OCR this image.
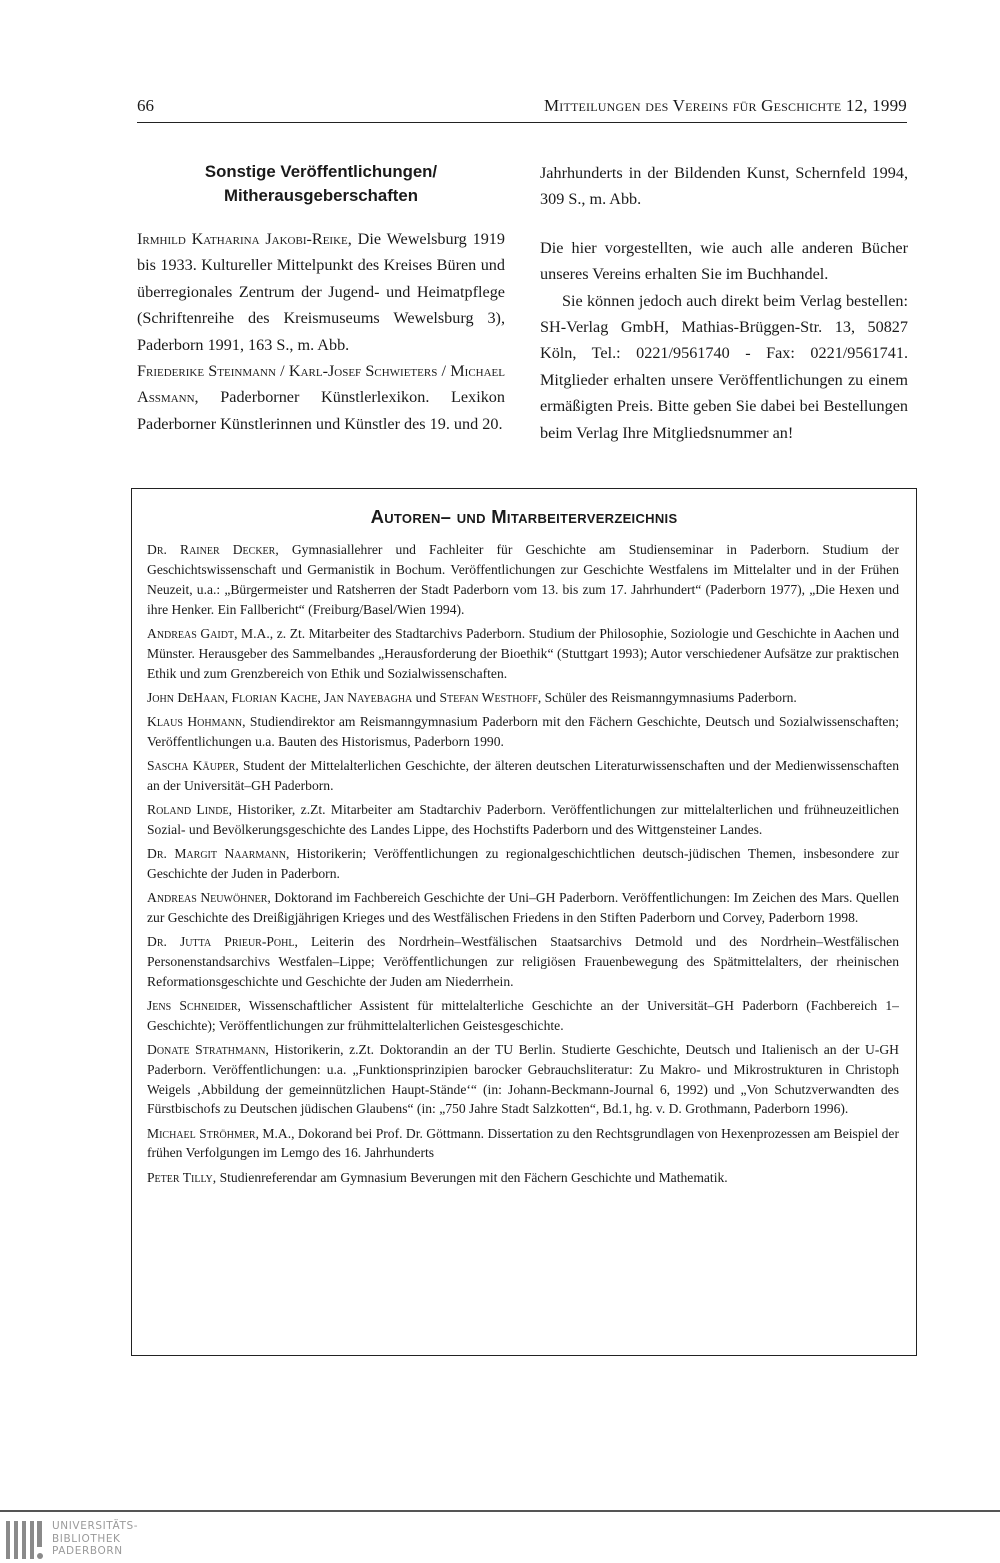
66	Mitteilungen des Vereins für Geschichte 12, 1999
Sonstige Veröffentlichungen/
Mitherausgeberschaften

Irmhild Katharina Jakobi-Reike, Die Wewelsburg 1919 bis 1933. Kultureller Mittelpunkt des Kreises Büren und überregionales Zentrum der Jugend- und Heimatpflege (Schriftenreihe des Kreismuseums Wewelsburg 3), Paderborn 1991, 163 S., m. Abb.

Friederike Steinmann / Karl-Josef Schwieters / Michael Assmann, Paderborner Künstlerlexikon. Lexikon Paderborner Künstlerinnen und Künstler des 19. und 20.

Jahrhunderts in der Bildenden Kunst, Schernfeld 1994, 309 S., m. Abb.

Die hier vorgestellten, wie auch alle anderen Bücher unseres Vereins erhalten Sie im Buchhandel.

Sie können jedoch auch direkt beim Verlag bestellen: SH-Verlag GmbH, Mathias-Brüggen-Str. 13, 50827 Köln, Tel.: 0221/9561740 - Fax: 0221/9561741. Mitglieder erhalten unsere Veröffentlichungen zu einem ermäßigten Preis. Bitte geben Sie dabei bei Bestellungen beim Verlag Ihre Mitgliedsnummer an!

Autoren– und Mitarbeiterverzeichnis

Dr. Rainer Decker, Gymnasiallehrer und Fachleiter für Geschichte am Studienseminar in Paderborn. Studium der Geschichtswissenschaft und Germanistik in Bochum. Veröffentlichungen zur Geschichte Westfalens im Mittelalter und in der Frühen Neuzeit, u.a.: „Bürgermeister und Ratsherren der Stadt Paderborn vom 13. bis zum 17. Jahrhundert“ (Paderborn 1977), „Die Hexen und ihre Henker. Ein Fallbericht“ (Freiburg/Basel/Wien 1994).

Andreas Gaidt, M.A., z. Zt. Mitarbeiter des Stadtarchivs Paderborn. Studium der Philosophie, Soziologie und Geschichte in Aachen und Münster. Herausgeber des Sammelbandes „Herausforderung der Bioethik“ (Stuttgart 1993); Autor verschiedener Aufsätze zur praktischen Ethik und zum Grenzbereich von Ethik und Sozialwissenschaften.

John DeHaan, Florian Kache, Jan Nayebagha und Stefan Westhoff, Schüler des Reismanngymnasiums Paderborn.

Klaus Hohmann, Studiendirektor am Reismanngymnasium Paderborn mit den Fächern Geschichte, Deutsch und Sozialwissenschaften; Veröffentlichungen u.a. Bauten des Historismus, Paderborn 1990.

Sascha Käuper, Student der Mittelalterlichen Geschichte, der älteren deutschen Literaturwissenschaften und der Medienwissenschaften an der Universität–GH Paderborn.

Roland Linde, Historiker, z.Zt. Mitarbeiter am Stadtarchiv Paderborn. Veröffentlichungen zur mittelalterlichen und frühneuzeitlichen Sozial- und Bevölkerungsgeschichte des Landes Lippe, des Hochstifts Paderborn und des Wittgensteiner Landes.

Dr. Margit Naarmann, Historikerin; Veröffentlichungen zu regionalgeschichtlichen deutsch-jüdischen Themen, insbesondere zur Geschichte der Juden in Paderborn.

Andreas Neuwöhner, Doktorand im Fachbereich Geschichte der Uni–GH Paderborn. Veröffentlichungen: Im Zeichen des Mars. Quellen zur Geschichte des Dreißigjährigen Krieges und des Westfälischen Friedens in den Stiften Paderborn und Corvey, Paderborn 1998.

Dr. Jutta Prieur-Pohl, Leiterin des Nordrhein–Westfälischen Staatsarchivs Detmold und des Nordrhein–Westfälischen Personenstandsarchivs Westfalen–Lippe; Veröffentlichungen zur religiösen Frauenbewegung des Spätmittelalters, der rheinischen Reformationsgeschichte und Geschichte der Juden am Niederrhein.

Jens Schneider, Wissenschaftlicher Assistent für mittelalterliche Geschichte an der Universität–GH Paderborn (Fachbereich 1–Geschichte); Veröffentlichungen zur frühmittelalterlichen Geistesgeschichte.

Donate Strathmann, Historikerin, z.Zt. Doktorandin an der TU Berlin. Studierte Geschichte, Deutsch und Italienisch an der U-GH Paderborn. Veröffentlichungen: u.a. „Funktionsprinzipien barocker Gebrauchsliteratur: Zu Makro- und Mikrostrukturen in Christoph Weigels ‚Abbildung der gemeinnützlichen Haupt-Stände‘“ (in: Johann-Beckmann-Journal 6, 1992) und „Von Schutzverwandten des Fürstbischofs zu Deutschen jüdischen Glaubens“ (in: „750 Jahre Stadt Salzkotten“, Bd.1, hg. v. D. Grothmann, Paderborn 1996).

Michael Ströhmer, M.A., Dokorand bei Prof. Dr. Göttmann. Dissertation zu den Rechtsgrundlagen von Hexenprozessen am Beispiel der frühen Verfolgungen im Lemgo des 16. Jahrhunderts

Peter Tilly, Studienreferendar am Gymnasium Beverungen mit den Fächern Geschichte und Mathematik.

UNIVERSITÄTS-
BIBLIOTHEK
PADERBORN
